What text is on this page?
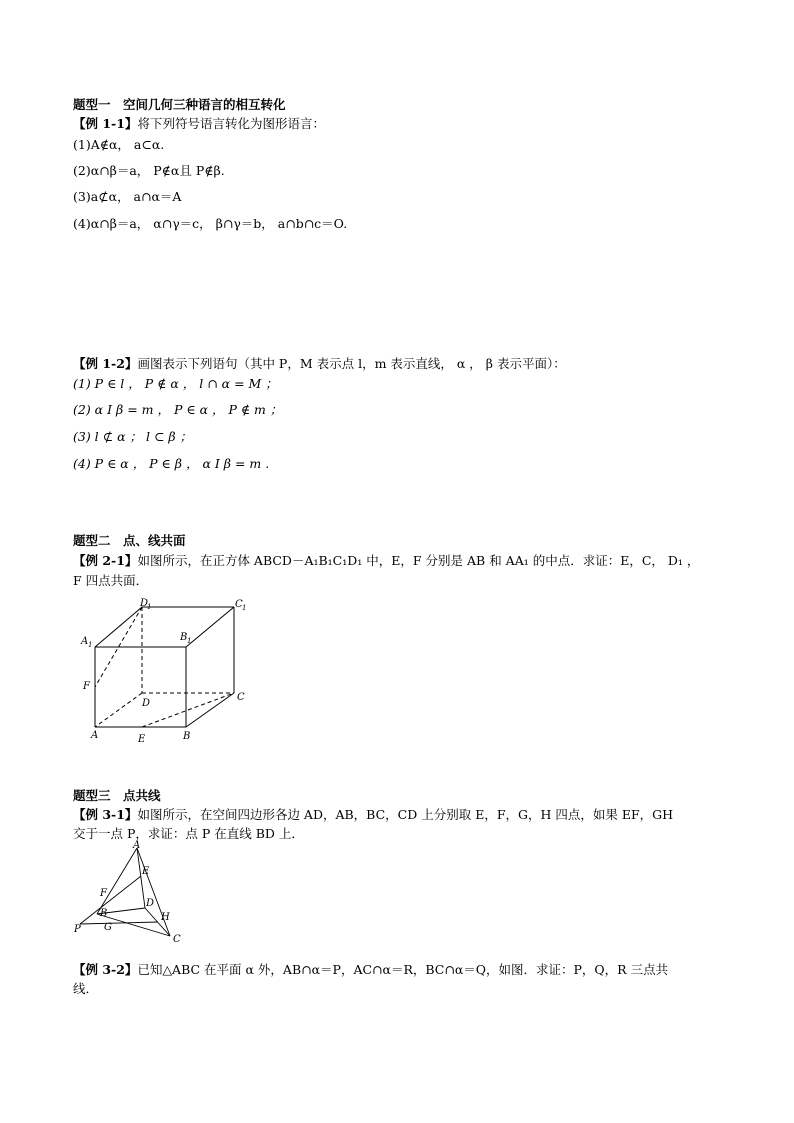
题型一　空间几何三种语言的相互转化
【例 1-1】将下列符号语言转化为图形语言：
(1)A∉α， a⊂α.
(2)α∩β＝a， P∉α且 P∉β.
(3)a⊄α， a∩α＝A
(4)α∩β＝a， α∩γ＝c， β∩γ＝b， a∩b∩c＝O.
【例 1-2】画图表示下列语句（其中 P，M 表示点 l，m 表示直线， α ， β 表示平面）：
(1) P ∈ l ， P ∉ α ， l ∩ α = M ；
(2) α I β = m ， P ∈ α ， P ∉ m ；
(3) l ⊄ α ； l ⊂ β ；
(4) P ∈ α ， P ∈ β ， α I β = m .
题型二　点、线共面
【例 2-1】如图所示，在正方体 ABCD－A₁B₁C₁D₁ 中，E，F 分别是 AB 和 AA₁ 的中点．求证：E，C， D₁ ，
F 四点共面．
D
1	C 1
A 1
B 1
F
D
C
A	E	B
题型三　点共线
【例 3-1】如图所示，在空间四边形各边 AD，AB，BC，CD 上分别取 E，F，G，H 四点，如果 EF，GH
交于一点 P，求证：点 P 在直线 BD 上．
A
E
F
D
B	H
G
P
C
【例 3-2】已知△ABC 在平面 α 外，AB∩α＝P，AC∩α＝R，BC∩α＝Q，如图．求证：P，Q，R 三点共
线．
